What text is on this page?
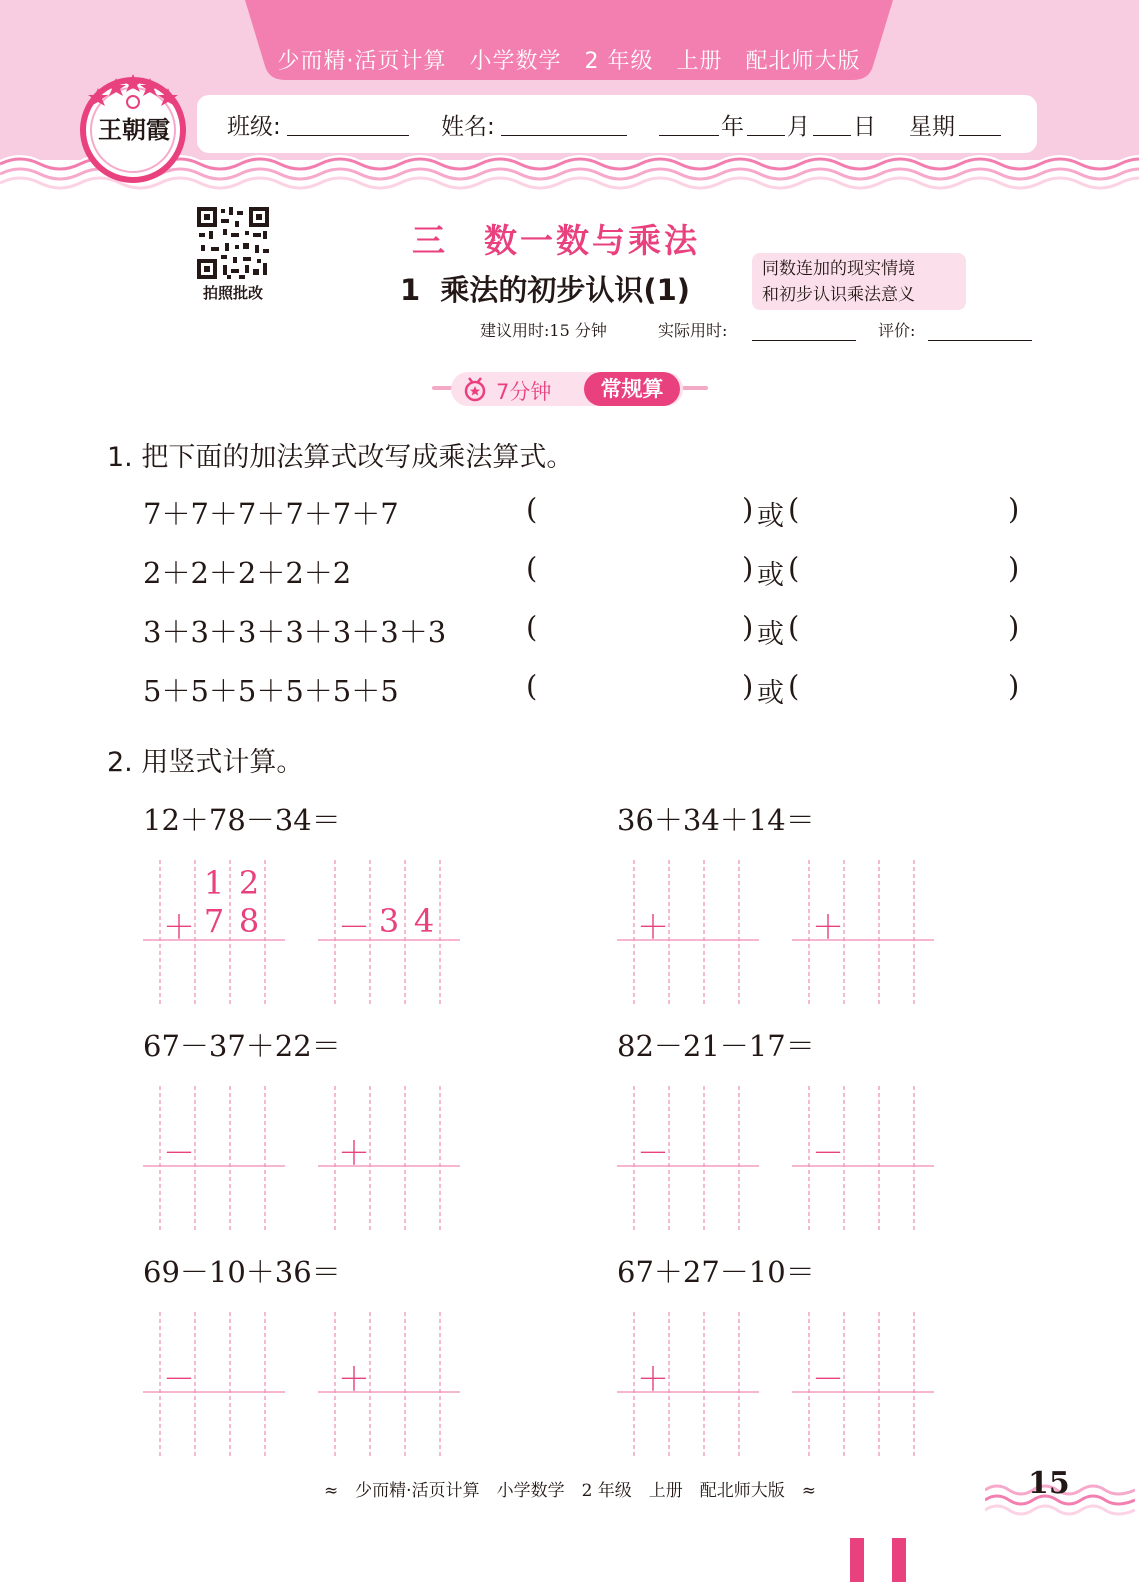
少而精·活页计算　小学数学　2 年级　上册　配北师大版
王朝霞 班级:	姓名:	年 月 日 星期
拍照批改
三　数一数与乘法
1  乘法的初步认识(1)
同数连加的现实情境
和初步认识乘法意义
建议用时:15 分钟	实际用时:	评价:
7分钟	常规算
1. 把下面的加法算式改写成乘法算式。
7＋7＋7＋7＋7＋7	(	) 或 (	)
2＋2＋2＋2＋2	(	) 或 (	)
3＋3＋3＋3＋3＋3＋3	(	) 或 (	)
5＋5＋5＋5＋5＋5	(	) 或 (	)
2. 用竖式计算。
12＋78－34＝
1 2
＋ 7 8 － 3 4
36＋34＋14＝
＋	＋
67－37＋22＝
－	＋
82－21－17＝
－	－
69－10＋36＝
－	＋
67＋27－10＝
＋	－
≈　少而精·活页计算　小学数学　2 年级　上册　配北师大版　≈	15
